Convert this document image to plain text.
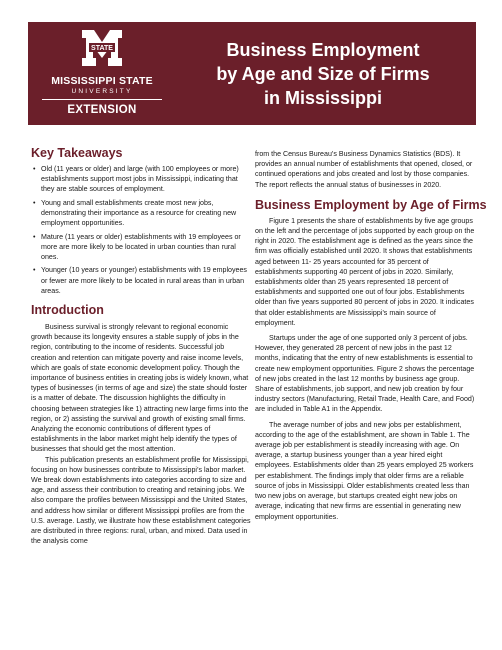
STATE
MISSISSIPPI STATE
UNIVERSITY
EXTENSION
Business Employment
by Age and Size of Firms
in Mississippi
Key Takeaways
• Old (11 years or older) and large (with 100 employees or more) establishments support most jobs in Mississippi, indicating that they are stable sources of employment.
• Young and small establishments create most new jobs, demonstrating their importance as a resource for creating new employment opportunities.
• Mature (11 years or older) establishments with 19 employees or more are more likely to be located in urban counties than rural ones.
• Younger (10 years or younger) establishments with 19 employees or fewer are more likely to be located in rural areas than in urban areas.
Introduction

Business survival is strongly relevant to regional economic growth because its longevity ensures a stable supply of jobs in the region, contributing to the income of residents. Successful job creation and retention can mitigate poverty and raise income levels, which are goals of state economic development policy. Though the importance of business entities in creating jobs is widely known, what types of businesses (in terms of age and size) the state should foster is a matter of debate. The discussion highlights the difficulty in choosing between strategies like 1) attracting new large firms into the region, or 2) assisting the survival and growth of existing small firms. Analyzing the economic contributions of different types of establishments in the labor market might help identify the types of businesses that should get the most attention.

This publication presents an establishment profile for Mississippi, focusing on how businesses contribute to Mississippi’s labor market. We break down establishments into categories according to size and age, and assess their contribution to creating and retaining jobs. We also compare the profiles between Mississippi and the United States, and address how similar or different Mississippi profiles are from the U.S. average. Lastly, we illustrate how these establishment categories are distributed in three regions: rural, urban, and mixed. Data used in the analysis come

from the Census Bureau’s Business Dynamics Statistics (BDS). It provides an annual number of establishments that opened, closed, or continued operations and jobs created and lost by those companies. The report reflects the annual status of businesses in 2020.

Business Employment by Age of Firms

Figure 1 presents the share of establishments by five age groups on the left and the percentage of jobs supported by each group on the right in 2020. The establishment age is defined as the years since the firm was officially established until 2020. It shows that establishments aged between 11- 25 years accounted for 35 percent of establishments supporting 40 percent of jobs in 2020. Similarly, establishments older than 25 years represented 18 percent of establishments and supported one out of four jobs. Establishments older than five years supported 80 percent of jobs in 2020. It indicates that older establishments are Mississippi’s main source of employment.

Startups under the age of one supported only 3 percent of jobs. However, they generated 28 percent of new jobs in the past 12 months, indicating that the entry of new establishments is essential to create new employment opportunities. Figure 2 shows the percentage of new jobs created in the last 12 months by business age group. Share of establishments, job support, and new job creation by four industry sectors (Manufacturing, Retail Trade, Health Care, and Food) are included in Table A1 in the Appendix.

The average number of jobs and new jobs per establishment, according to the age of the establishment, are shown in Table 1. The average job per establishment is steadily increasing with age. On average, a startup business younger than a year hired eight employees. Establishments older than 25 years employed 25 workers per establishment. The findings imply that older firms are a reliable source of jobs in Mississippi. Older establishments created less than two new jobs on average, but startups created eight new jobs on average, indicating that new firms are essential in generating new employment opportunities.
